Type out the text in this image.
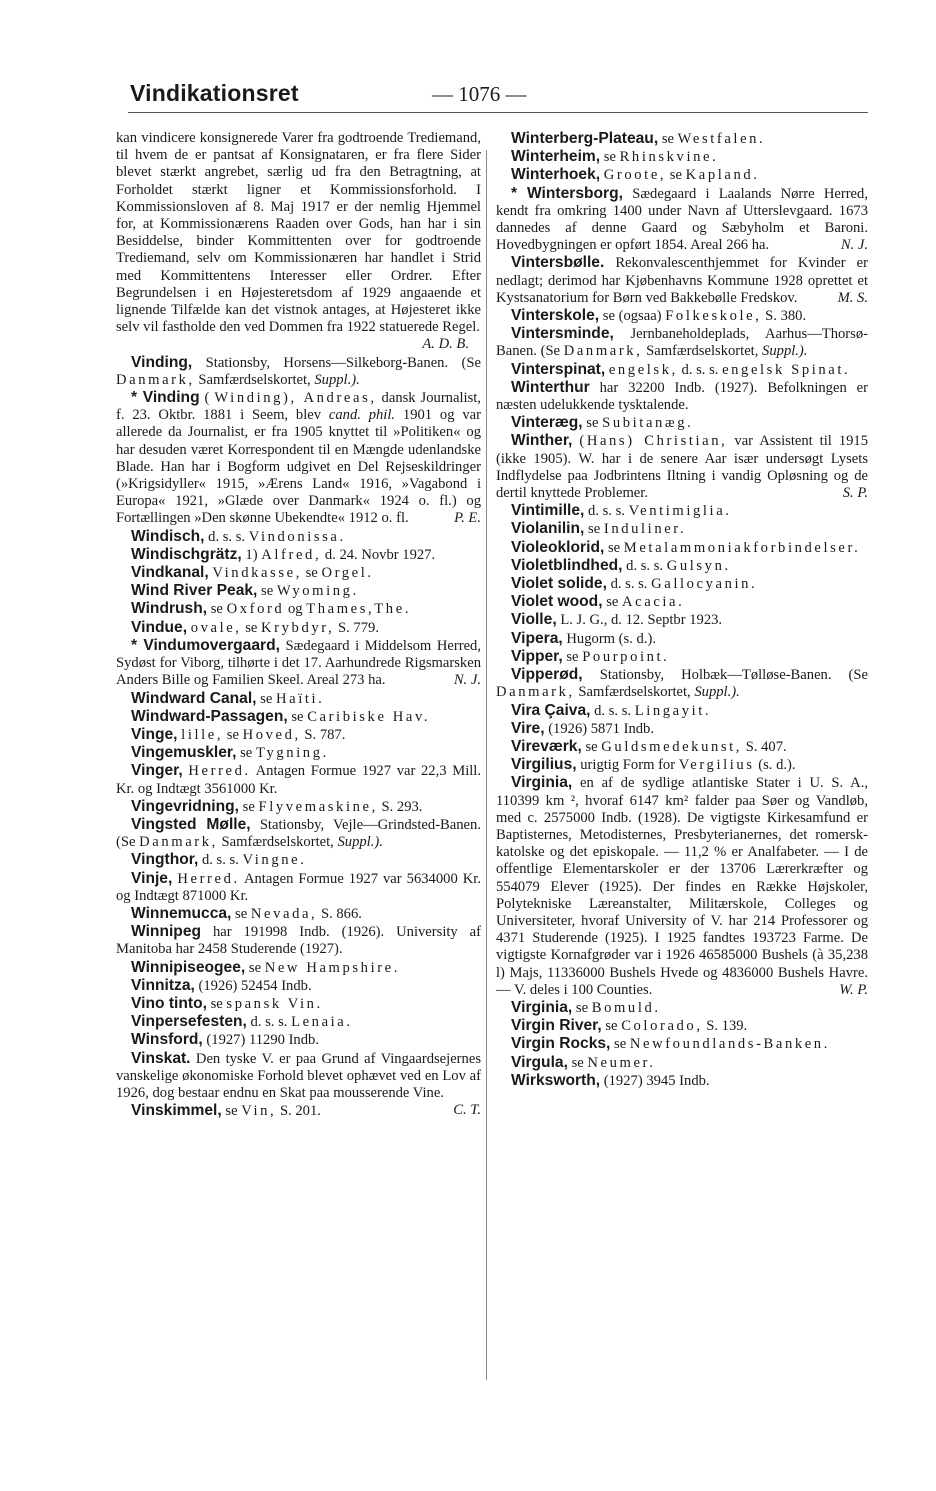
Vindikationsret	— 1076 —

kan vindicere konsignerede Varer fra godtroende Trediemand, til hvem de er pantsat af Konsignataren, er fra flere Sider blevet stærkt angrebet, særlig ud fra den Betragtning, at Forholdet stærkt ligner et Kommissionsforhold. I Kommissionsloven af 8. Maj 1917 er der nemlig Hjemmel for, at Kommissionærens Raaden over Gods, han har i sin Besiddelse, binder Kommittenten over for godtroende Trediemand, selv om Kommissionæren har handlet i Strid med Kommittentens Interesser eller Ordrer. Efter Begrundelsen i en Højesteretsdom af 1929 angaaende et lignende Tilfælde kan det vistnok antages, at Højesteret ikke selv vil fastholde den ved Dommen fra 1922 statuerede Regel.

A. D. B.

Vinding, Stationsby, Horsens—Silkeborg-Banen. (Se Danmark, Samfærdselskortet, Suppl.).

* Vinding ( Winding), Andreas, dansk Journalist, f. 23. Oktbr. 1881 i Seem, blev cand. phil. 1901 og var allerede da Journalist, er fra 1905 knyttet til »Politiken« og har desuden været Korrespondent til en Mængde udenlandske Blade. Han har i Bogform udgivet en Del Rejseskildringer (»Krigsidyller« 1915, »Ærens Land« 1916, »Vagabond i Europa« 1921, »Glæde over Danmark« 1924 o. fl.) og Fortællingen »Den skønne Ubekendte« 1912 o. fl.	P. E.

Windisch, d. s. s. Vindonissa.

Windischgrätz, 1) Alfred, d. 24. Novbr 1927.

Vindkanal, Vindkasse, se Orgel.

Wind River Peak, se Wyoming.

Windrush, se Oxford og Thames,The.

Vindue, ovale, se Krybdyr, S. 779.

* Vindumovergaard, Sædegaard i Middelsom Herred, Sydøst for Viborg, tilhørte i det 17. Aarhundrede Rigsmarsken Anders Bille og Familien Skeel. Areal 273 ha.	N. J.

Windward Canal, se Haïti.

Windward-Passagen, se Caribiske Hav.

Vinge, lille, se Hoved, S. 787.

Vingemuskler, se Tygning.

Vinger, Herred. Antagen Formue 1927 var 22,3 Mill. Kr. og Indtægt 3561000 Kr.

Vingevridning, se Flyvemaskine, S. 293.

Vingsted Mølle, Stationsby, Vejle—Grindsted-Banen. (Se Danmark, Samfærdselskortet, Suppl.).

Vingthor, d. s. s. Vingne.

Vinje, Herred. Antagen Formue 1927 var 5634000 Kr. og Indtægt 871000 Kr.

Winnemucca, se Nevada, S. 866.

Winnipeg har 191998 Indb. (1926). University af Manitoba har 2458 Studerende (1927).

Winnipiseogee, se New Hampshire.

Vinnitza, (1926) 52454 Indb.

Vino tinto, se spansk Vin.

Vinpersefesten, d. s. s. Lenaia.

Winsford, (1927) 11290 Indb.

Vinskat. Den tyske V. er paa Grund af Vingaardsejernes vanskelige økonomiske Forhold blevet ophævet ved en Lov af 1926, dog bestaar endnu en Skat paa mousserende Vine.
C. T.

Vinskimmel, se Vin, S. 201.

Winterberg-Plateau, se Westfalen.

Winterheim, se Rhinskvine.

Winterhoek, Groote, se Kapland.

* Wintersborg, Sædegaard i Laalands Nørre Herred, kendt fra omkring 1400 under Navn af Utterslevgaard. 1673 dannedes af denne Gaard og Sæbyholm et Baroni. Hovedbygningen er opført 1854. Areal 266 ha.	N. J.

Vintersbølle. Rekonvalescenthjemmet for Kvinder er nedlagt; derimod har Kjøbenhavns Kommune 1928 oprettet et Kystsanatorium for Børn ved Bakkebølle Fredskov.	M. S.

Vinterskole, se (ogsaa) Folkeskole, S. 380.

Vintersminde, Jernbaneholdeplads, Aarhus—Thorsø-Banen. (Se Danmark, Samfærdselskortet, Suppl.).

Vinterspinat, engelsk, d. s. s. engelsk Spinat.

Winterthur har 32200 Indb. (1927). Befolkningen er næsten udelukkende tysktalende.

Vinteræg, se Subitanæg.

Winther, (Hans) Christian, var Assistent til 1915 (ikke 1905). W. har i de senere Aar især undersøgt Lysets Indflydelse paa Jodbrintens Iltning i vandig Opløsning og de dertil knyttede Problemer.	S. P.

Vintimille, d. s. s. Ventimiglia.

Violanilin, se Induliner.

Violeoklorid, se Metalammoniakforbindelser.

Violetblindhed, d. s. s. Gulsyn.

Violet solide, d. s. s. Gallocyanin.

Violet wood, se Acacia.

Violle, L. J. G., d. 12. Septbr 1923.

Vipera, Hugorm (s. d.).

Vipper, se Pourpoint.

Vipperød, Stationsby, Holbæk—Tølløse-Banen. (Se Danmark, Samfærdselskortet, Suppl.).

Vira Çaiva, d. s. s. Lingayit.

Vire, (1926) 5871 Indb.

Vireværk, se Guldsmedekunst, S. 407.

Virgilius, urigtig Form for Vergilius (s. d.).

Virginia, en af de sydlige atlantiske Stater i U. S. A., 110399 km ², hvoraf 6147 km² falder paa Søer og Vandløb, med c. 2575000 Indb. (1928). De vigtigste Kirkesamfund er Baptisternes, Metodisternes, Presbyterianernes, det romersk-katolske og det episkopale. — 11,2 % er Analfabeter. — I de offentlige Elementarskoler er der 13706 Lærerkræfter og 554079 Elever (1925). Der findes en Række Højskoler, Polytekniske Læreanstalter, Militærskole, Colleges og Universiteter, hvoraf University of V. har 214 Professorer og 4371 Studerende (1925). I 1925 fandtes 193723 Farme. De vigtigste Kornafgrøder var i 1926 46585000 Bushels (à 35,238 l) Majs, 11336000 Bushels Hvede og 4836000 Bushels Havre. — V. deles i 100 Counties.	W. P.

Virginia, se Bomuld.

Virgin River, se Colorado, S. 139.

Virgin Rocks, se Newfoundlands-Banken.

Virgula, se Neumer.

Wirksworth, (1927) 3945 Indb.
